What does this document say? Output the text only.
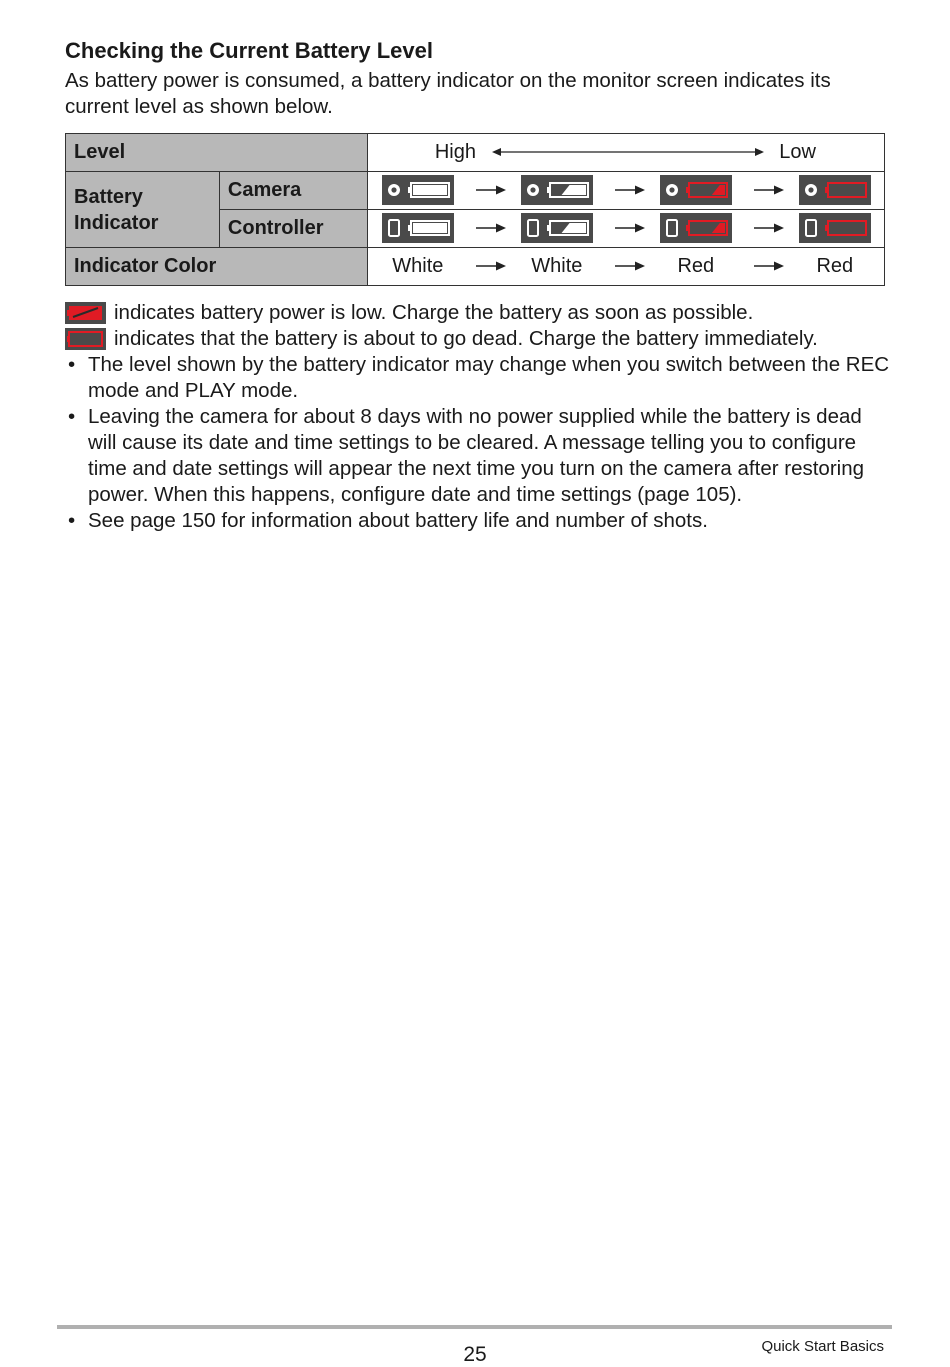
Checking the Current Battery Level

As battery power is consumed, a battery indicator on the monitor screen indicates its current level as shown below.

Level		High Low

Battery Indicator	Camera	

	Controller	

Indicator Color		White White Red Red
indicates battery power is low. Charge the battery as soon as possible.
indicates that the battery is about to go dead. Charge the battery immediately.
• The level shown by the battery indicator may change when you switch between the REC mode and PLAY mode.
• Leaving the camera for about 8 days with no power supplied while the battery is dead will cause its date and time settings to be cleared. A message telling you to configure time and date settings will appear the next time you turn on the camera after restoring power. When this happens, configure date and time settings (page 105).
• See page 150 for information about battery life and number of shots.
25	Quick Start Basics
